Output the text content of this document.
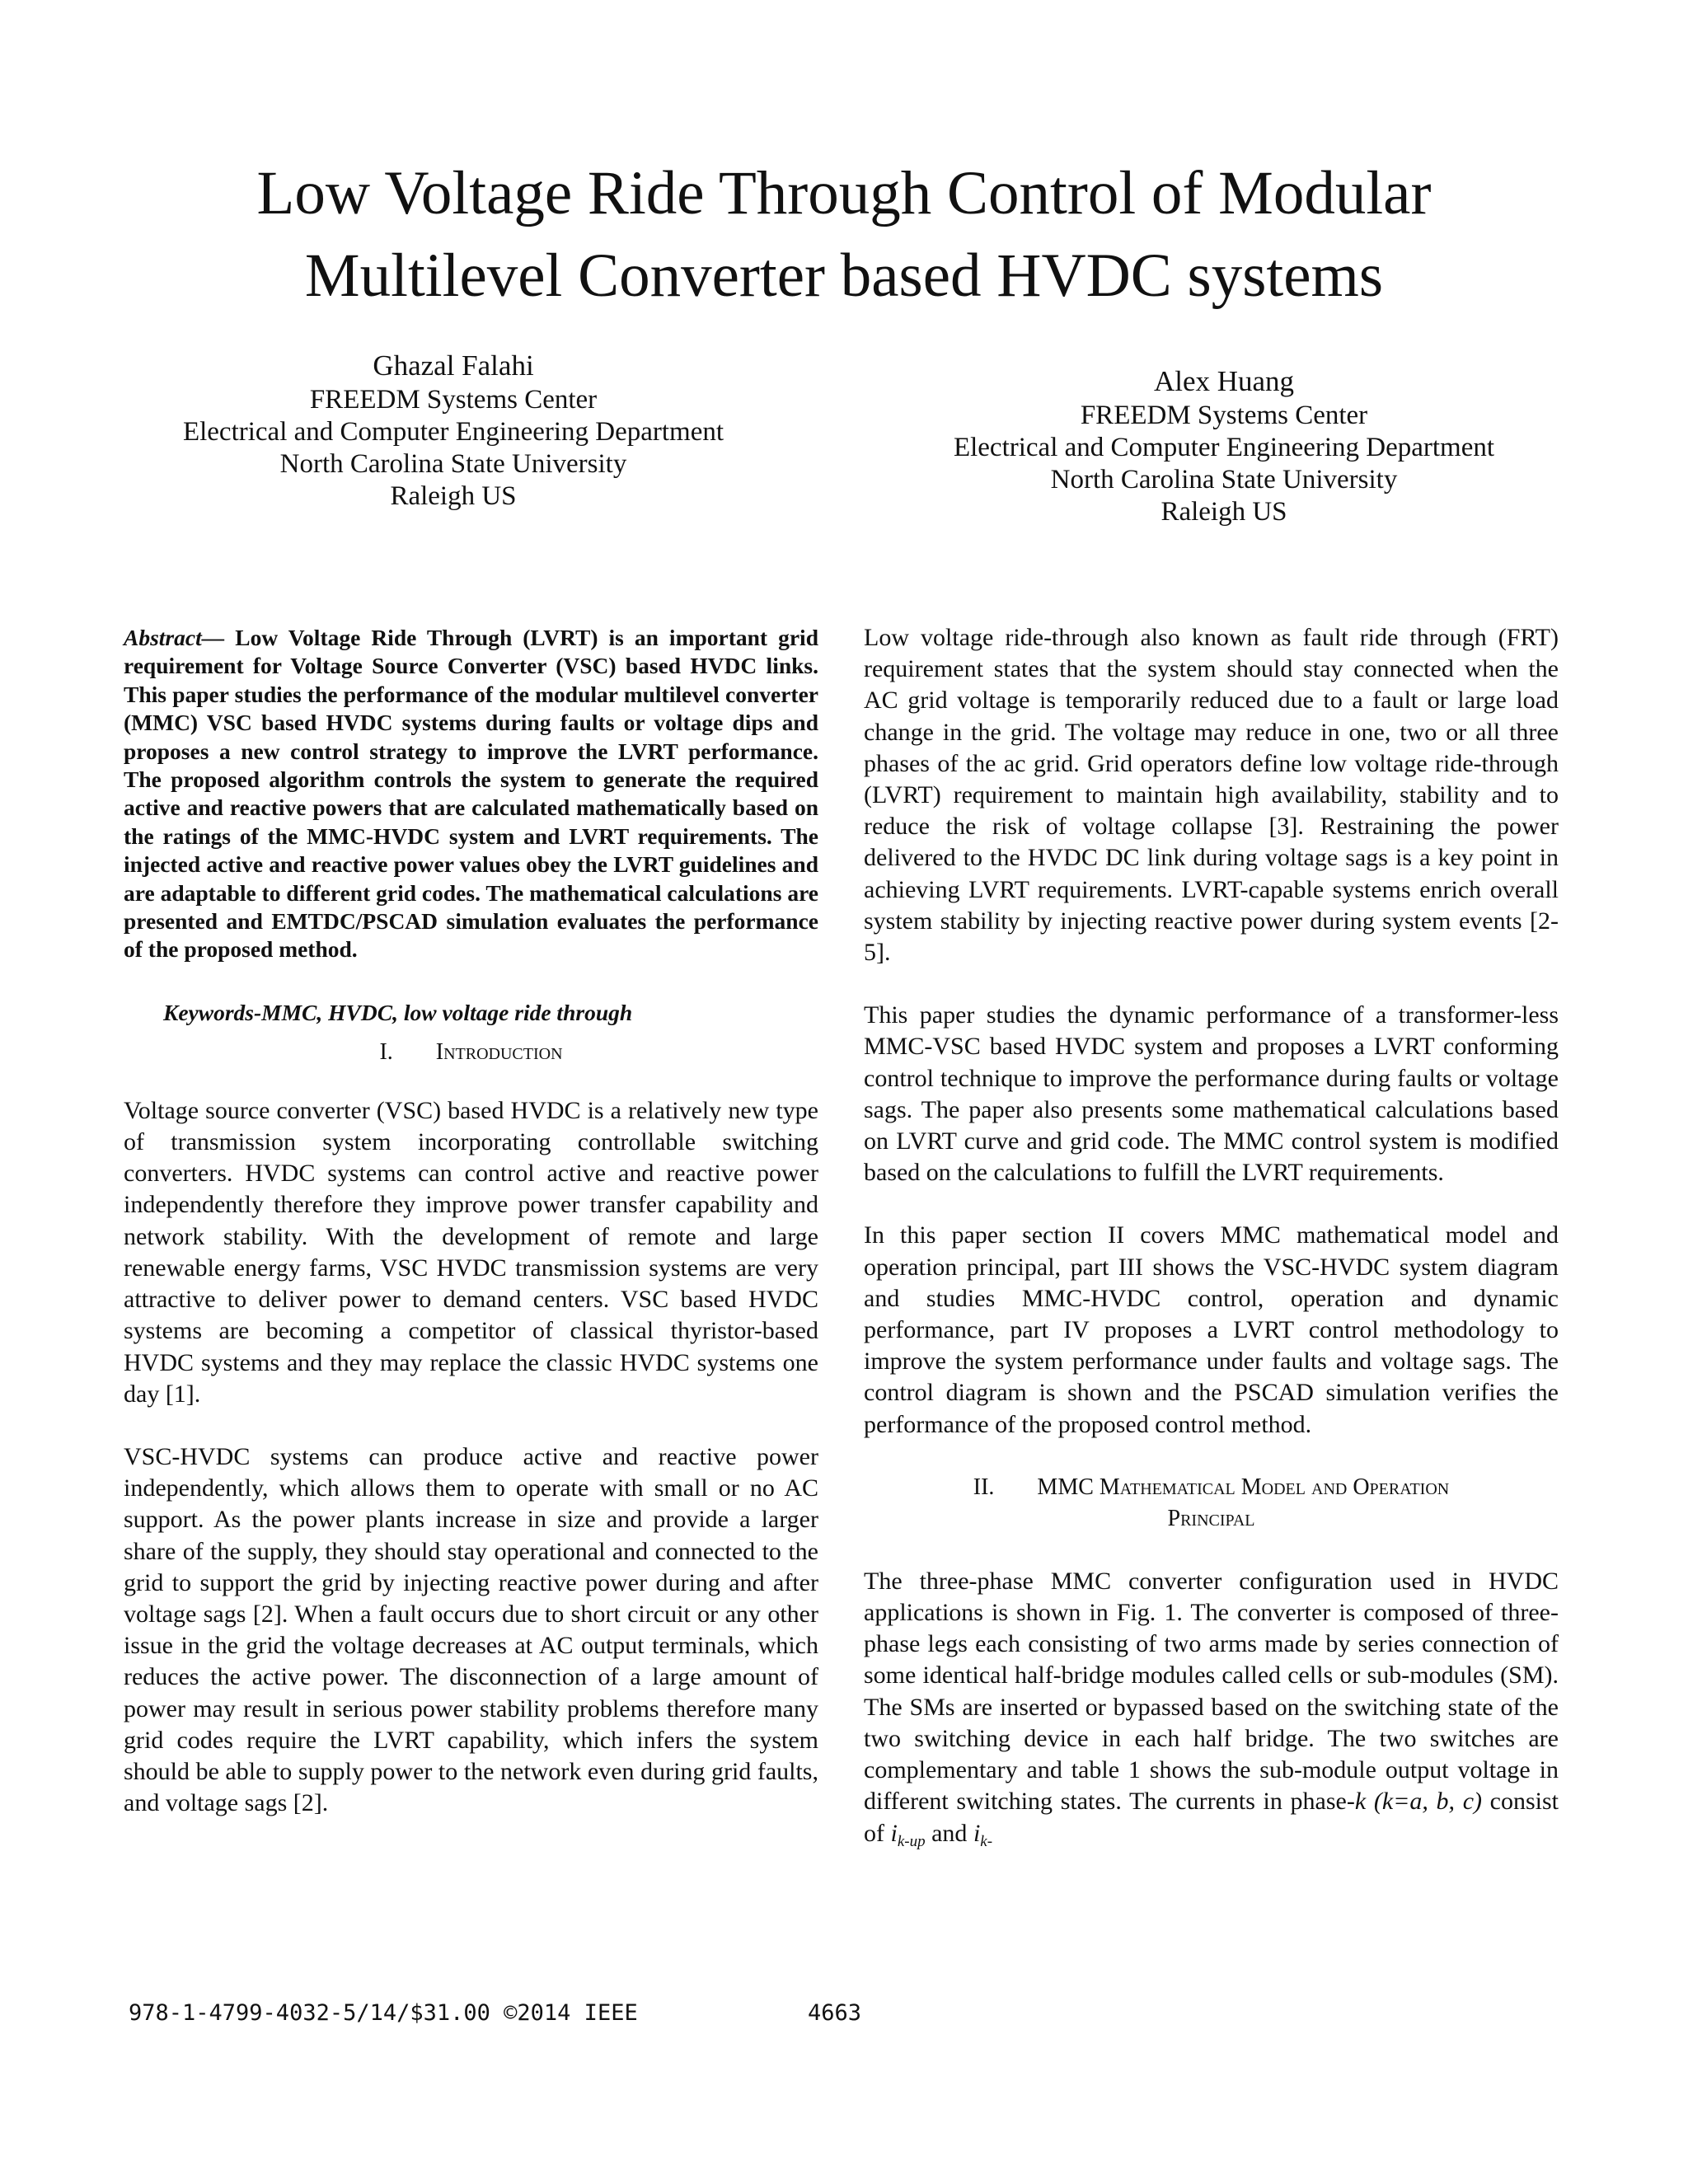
Low Voltage Ride Through Control of Modular
Multilevel Converter based HVDC systems
Ghazal Falahi
FREEDM Systems Center
Electrical and Computer Engineering Department
North Carolina State University
Raleigh US
Alex Huang
FREEDM Systems Center
Electrical and Computer Engineering Department
North Carolina State University
Raleigh US

Abstract— Low Voltage Ride Through (LVRT) is an important grid requirement for Voltage Source Converter (VSC) based HVDC links. This paper studies the performance of the modular multilevel converter (MMC) VSC based HVDC systems during faults or voltage dips and proposes a new control strategy to improve the LVRT performance. The proposed algorithm controls the system to generate the required active and reactive powers that are calculated mathematically based on the ratings of the MMC-HVDC system and LVRT requirements. The injected active and reactive power values obey the LVRT guidelines and are adaptable to different grid codes. The mathematical calculations are presented and EMTDC/PSCAD simulation evaluates the performance of the proposed method.

Keywords-MMC, HVDC, low voltage ride through

I. Introduction

Voltage source converter (VSC) based HVDC is a relatively new type of transmission system incorporating controllable switching converters. HVDC systems can control active and reactive power independently therefore they improve power transfer capability and network stability. With the development of remote and large renewable energy farms, VSC HVDC transmission systems are very attractive to deliver power to demand centers. VSC based HVDC systems are becoming a competitor of classical thyristor-based HVDC systems and they may replace the classic HVDC systems one day [1].

VSC-HVDC systems can produce active and reactive power independently, which allows them to operate with small or no AC support. As the power plants increase in size and provide a larger share of the supply, they should stay operational and connected to the grid to support the grid by injecting reactive power during and after voltage sags [2]. When a fault occurs due to short circuit or any other issue in the grid the voltage decreases at AC output terminals, which reduces the active power. The disconnection of a large amount of power may result in serious power stability problems therefore many grid codes require the LVRT capability, which infers the system should be able to supply power to the network even during grid faults, and voltage sags [2].

Low voltage ride-through also known as fault ride through (FRT) requirement states that the system should stay connected when the AC grid voltage is temporarily reduced due to a fault or large load change in the grid. The voltage may reduce in one, two or all three phases of the ac grid. Grid operators define low voltage ride-through (LVRT) requirement to maintain high availability, stability and to reduce the risk of voltage collapse [3]. Restraining the power delivered to the HVDC DC link during voltage sags is a key point in achieving LVRT requirements. LVRT-capable systems enrich overall system stability by injecting reactive power during system events [2-5].

This paper studies the dynamic performance of a transformer-less MMC-VSC based HVDC system and proposes a LVRT conforming control technique to improve the performance during faults or voltage sags. The paper also presents some mathematical calculations based on LVRT curve and grid code. The MMC control system is modified based on the calculations to fulfill the LVRT requirements.

In this paper section II covers MMC mathematical model and operation principal, part III shows the VSC-HVDC system diagram and studies MMC-HVDC control, operation and dynamic performance, part IV proposes a LVRT control methodology to improve the system performance under faults and voltage sags. The control diagram is shown and the PSCAD simulation verifies the performance of the proposed control method.

II. MMC Mathematical Model and Operation
Principal

The three-phase MMC converter configuration used in HVDC applications is shown in Fig. 1. The converter is composed of three-phase legs each consisting of two arms made by series connection of some identical half-bridge modules called cells or sub-modules (SM). The SMs are inserted or bypassed based on the switching state of the two switching device in each half bridge. The two switches are complementary and table 1 shows the sub-module output voltage in different switching states. The currents in phase-k (k=a, b, c) consist of $i_{k-up}$ and $i_{k-}$

978-1-4799-4032-5/14/$31.00 ©2014 IEEE	4663
